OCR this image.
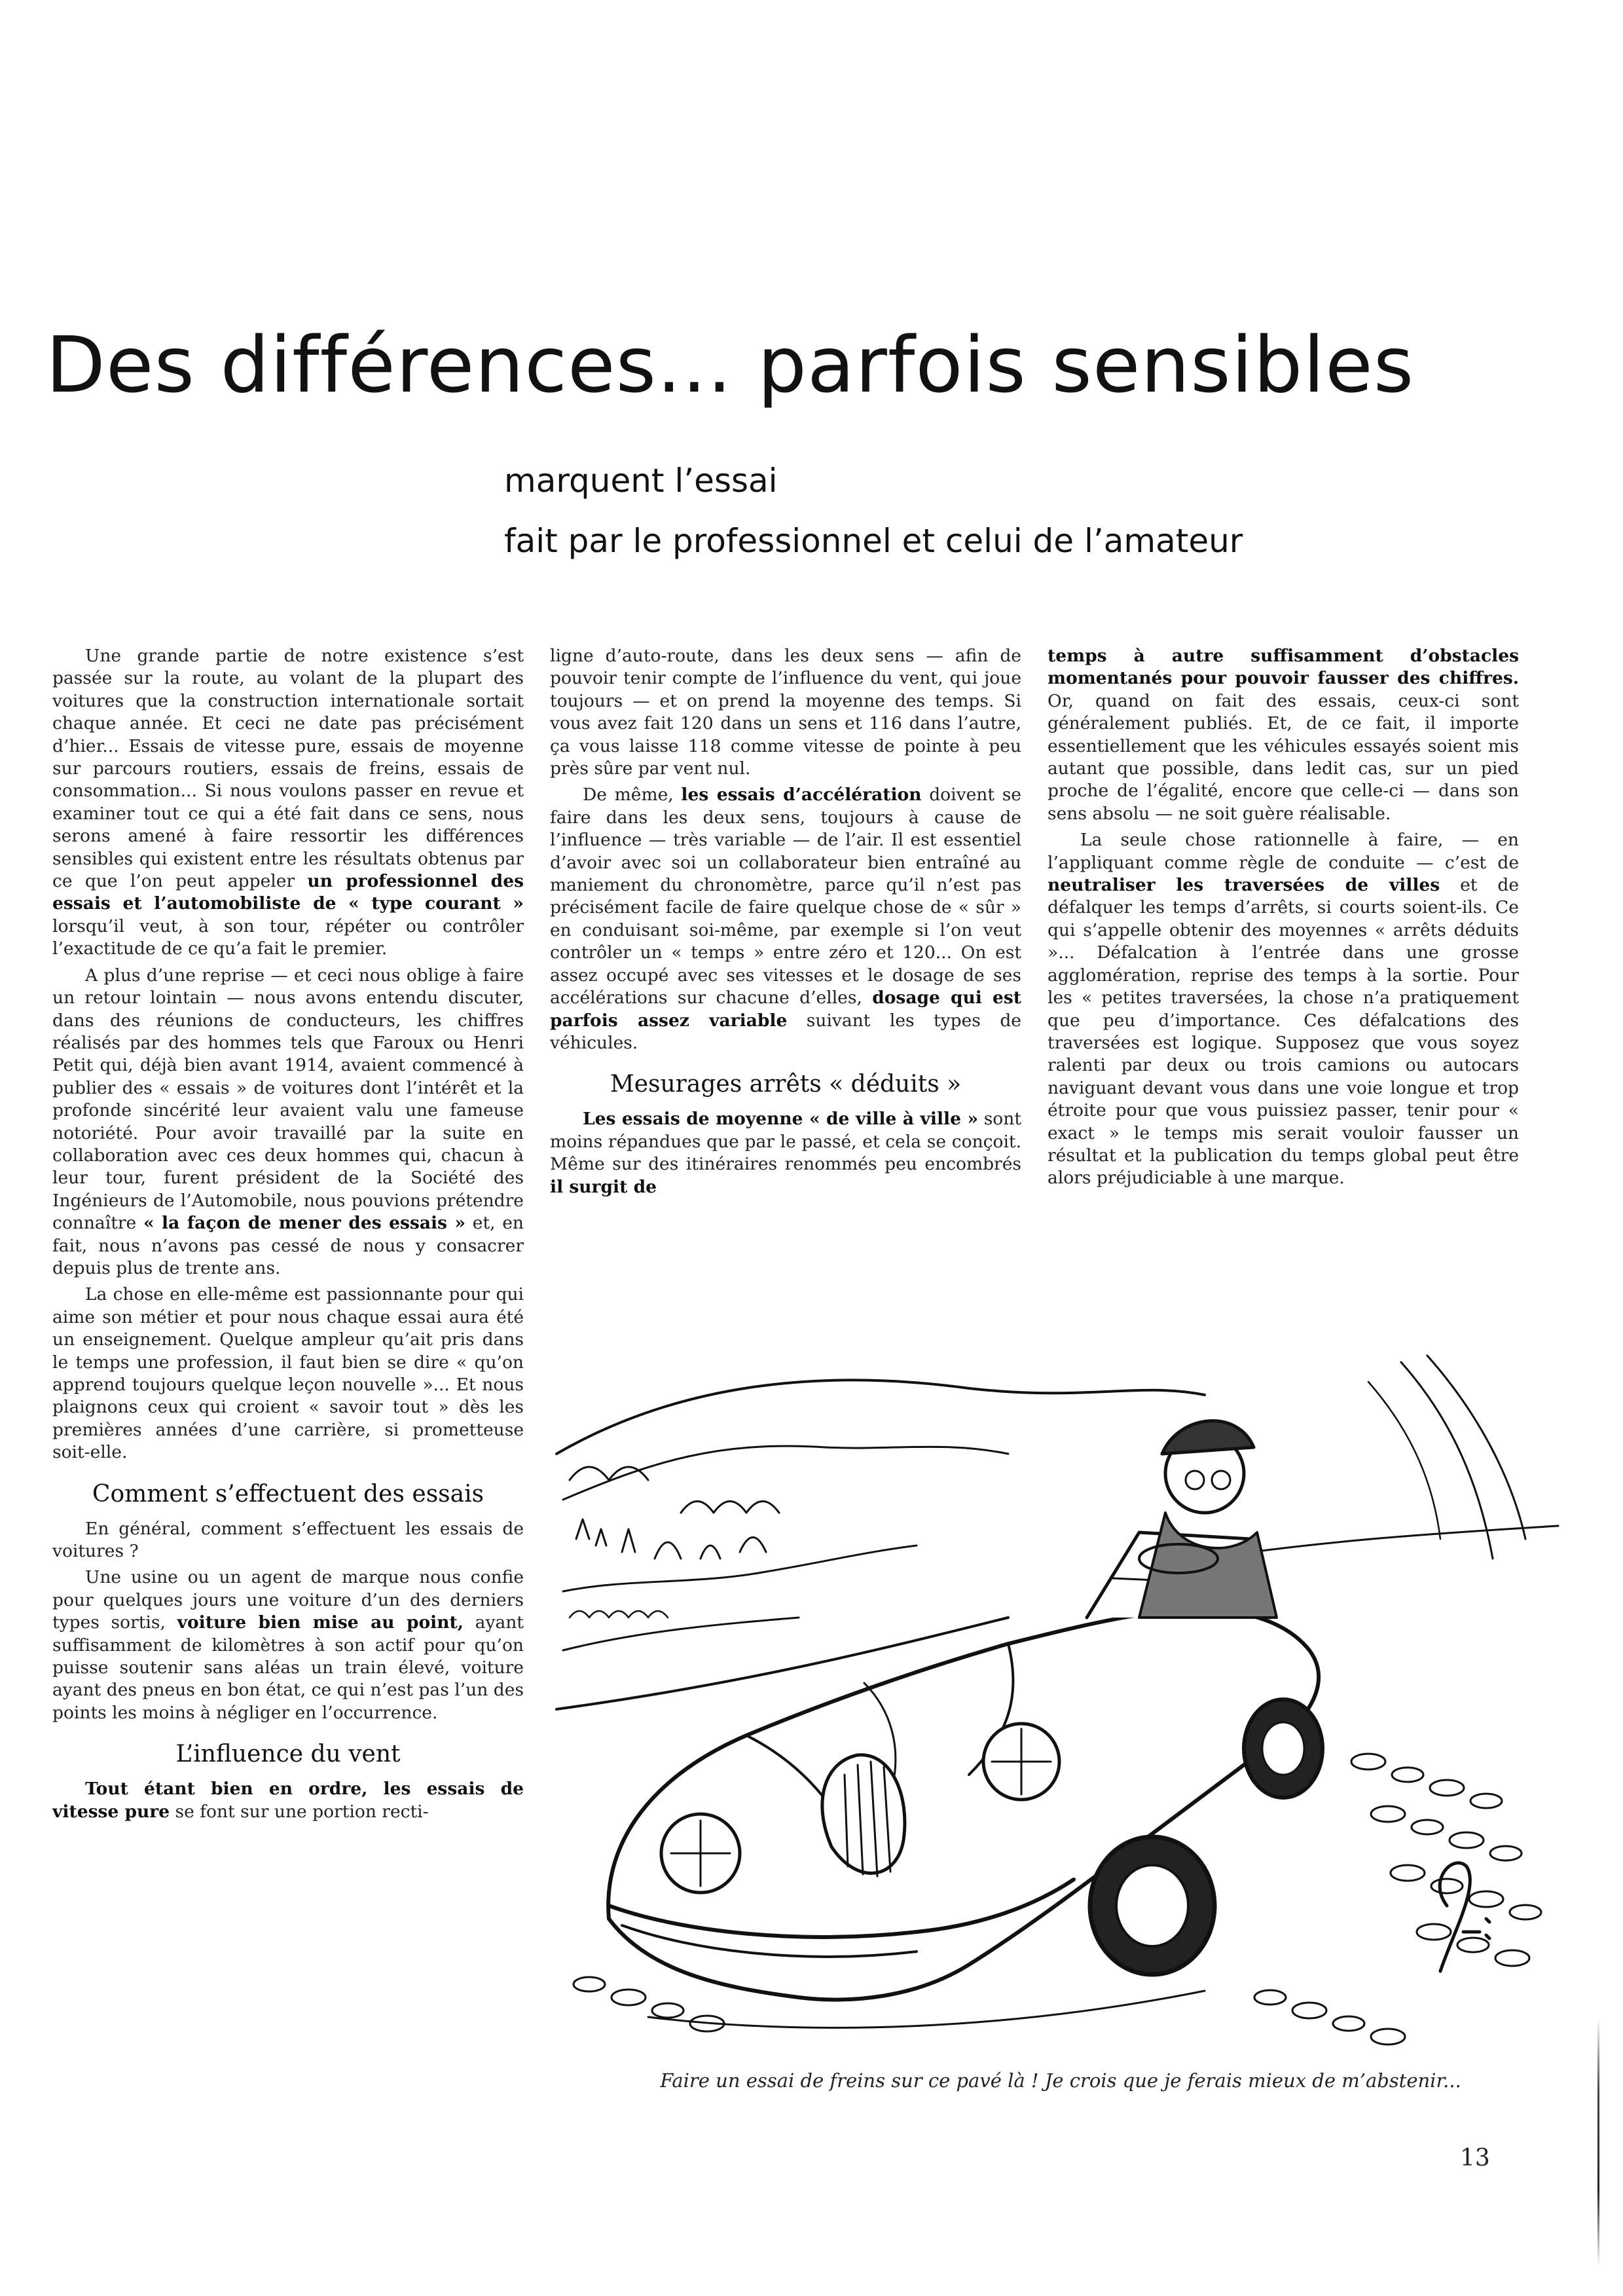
Des différences... parfois sensibles
marquent l’essai
fait par le professionnel et celui de l’amateur

Une grande partie de notre existence s’est passée sur la route, au volant de la plupart des voitures que la construction internationale sortait chaque année. Et ceci ne date pas précisément d’hier... Essais de vitesse pure, essais de moyenne sur parcours routiers, essais de freins, essais de consommation... Si nous voulons passer en revue et examiner tout ce qui a été fait dans ce sens, nous serons amené à faire ressortir les différences sensibles qui existent entre les résultats obtenus par ce que l’on peut appeler un professionnel des essais et l’automobiliste de « type courant » lorsqu’il veut, à son tour, répéter ou contrôler l’exactitude de ce qu’a fait le premier.

A plus d’une reprise — et ceci nous oblige à faire un retour lointain — nous avons entendu discuter, dans des réunions de conducteurs, les chiffres réalisés par des hommes tels que Faroux ou Henri Petit qui, déjà bien avant 1914, avaient commencé à publier des « essais » de voitures dont l’intérêt et la profonde sincérité leur avaient valu une fameuse notoriété. Pour avoir travaillé par la suite en collaboration avec ces deux hommes qui, chacun à leur tour, furent président de la Société des Ingénieurs de l’Automobile, nous pouvions prétendre connaître « la façon de mener des essais » et, en fait, nous n’avons pas cessé de nous y consacrer depuis plus de trente ans.

La chose en elle-même est passionnante pour qui aime son métier et pour nous chaque essai aura été un enseignement. Quelque ampleur qu’ait pris dans le temps une profession, il faut bien se dire « qu’on apprend toujours quelque leçon nouvelle »... Et nous plaignons ceux qui croient « savoir tout » dès les premières années d’une carrière, si prometteuse soit-elle.

Comment s’effectuent des essais

En général, comment s’effectuent les essais de voitures ?

Une usine ou un agent de marque nous confie pour quelques jours une voiture d’un des derniers types sortis, voiture bien mise au point, ayant suffisamment de kilomètres à son actif pour qu’on puisse soutenir sans aléas un train élevé, voiture ayant des pneus en bon état, ce qui n’est pas l’un des points les moins à négliger en l’occurrence.

L’influence du vent

Tout étant bien en ordre, les essais de vitesse pure se font sur une portion recti-

ligne d’auto-route, dans les deux sens — afin de pouvoir tenir compte de l’influence du vent, qui joue toujours — et on prend la moyenne des temps. Si vous avez fait 120 dans un sens et 116 dans l’autre, ça vous laisse 118 comme vitesse de pointe à peu près sûre par vent nul.

De même, les essais d’accélération doivent se faire dans les deux sens, toujours à cause de l’influence — très variable — de l’air. Il est essentiel d’avoir avec soi un collaborateur bien entraîné au maniement du chronomètre, parce qu’il n’est pas précisément facile de faire quelque chose de « sûr » en conduisant soi-même, par exemple si l’on veut contrôler un « temps » entre zéro et 120... On est assez occupé avec ses vitesses et le dosage de ses accélérations sur chacune d’elles, dosage qui est parfois assez variable suivant les types de véhicules.

Mesurages arrêts « déduits »

Les essais de moyenne « de ville à ville » sont moins répandues que par le passé, et cela se conçoit. Même sur des itinéraires renommés peu encombrés il surgit de

temps à autre suffisamment d’obstacles momentanés pour pouvoir fausser des chiffres. Or, quand on fait des essais, ceux-ci sont généralement publiés. Et, de ce fait, il importe essentiellement que les véhicules essayés soient mis autant que possible, dans ledit cas, sur un pied proche de l’égalité, encore que celle-ci — dans son sens absolu — ne soit guère réalisable.

La seule chose rationnelle à faire, — en l’appliquant comme règle de conduite — c’est de neutraliser les traversées de villes et de défalquer les temps d’arrêts, si courts soient-ils. Ce qui s’appelle obtenir des moyennes « arrêts déduits »... Défalcation à l’entrée dans une grosse agglomération, reprise des temps à la sortie. Pour les « petites traversées, la chose n’a pratiquement que peu d’importance. Ces défalcations des traversées est logique. Supposez que vous soyez ralenti par deux ou trois camions ou autocars naviguant devant vous dans une voie longue et trop étroite pour que vous puissiez passer, tenir pour « exact » le temps mis serait vouloir fausser un résultat et la publication du temps global peut être alors préjudiciable à une marque.

Faire un essai de freins sur ce pavé là ! Je crois que je ferais mieux de m’abstenir...
13
